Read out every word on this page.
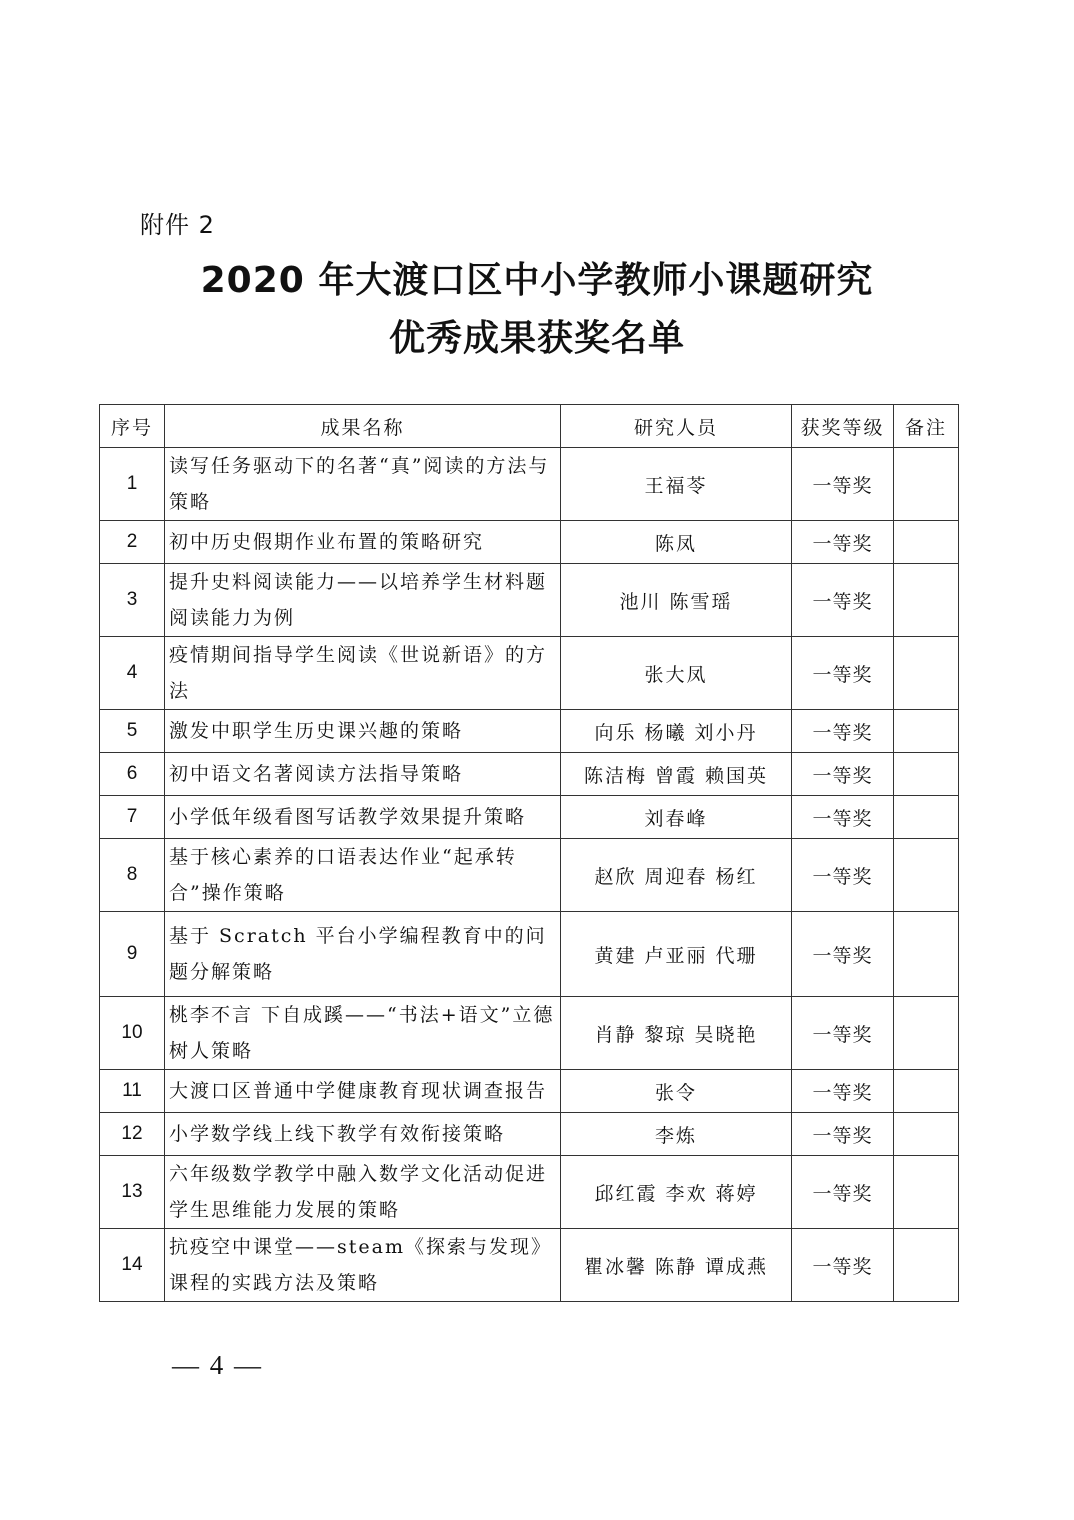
附件 2
2020 年大渡口区中小学教师小课题研究
优秀成果获奖名单
序号	成果名称	研究人员	获奖等级	备注
1	读写任务驱动下的名著“真”阅读的方法与策略	王福苓	一等奖	
2	初中历史假期作业布置的策略研究	陈凤	一等奖	
3	提升史料阅读能力——以培养学生材料题阅读能力为例	池川 陈雪瑶	一等奖	
4	疫情期间指导学生阅读《世说新语》的方法	张大凤	一等奖	
5	激发中职学生历史课兴趣的策略	向乐 杨曦 刘小丹	一等奖	
6	初中语文名著阅读方法指导策略	陈洁梅 曾霞 赖国英	一等奖	
7	小学低年级看图写话教学效果提升策略	刘春峰	一等奖	
8	基于核心素养的口语表达作业“起承转合”操作策略	赵欣 周迎春 杨红	一等奖	
9	基于 Scratch 平台小学编程教育中的问题分解策略	黄建 卢亚丽 代珊	一等奖	
10	桃李不言 下自成蹊——“书法+语文”立德树人策略	肖静 黎琼 吴晓艳	一等奖	
11	大渡口区普通中学健康教育现状调查报告	张令	一等奖	
12	小学数学线上线下教学有效衔接策略	李炼	一等奖	
13	六年级数学教学中融入数学文化活动促进学生思维能力发展的策略	邱红霞 李欢 蒋婷	一等奖	
14	抗疫空中课堂——steam《探索与发现》课程的实践方法及策略	瞿冰馨 陈静 谭成燕	一等奖	
— 4 —
